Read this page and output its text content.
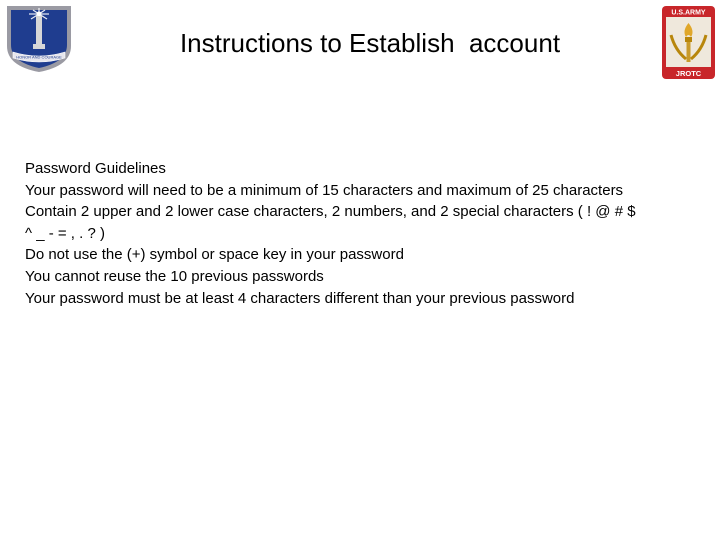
HONOR AND COURAGE	Instructions to Establish  account
U.S.ARMY
JROTC
Password Guidelines
Your password will need to be a minimum of 15 characters and maximum of 25 characters
Contain 2 upper and 2 lower case characters, 2 numbers, and 2 special characters ( ! @ # $
^ _ - = , . ? )
Do not use the (+) symbol or space key in your password
You cannot reuse the 10 previous passwords
Your password must be at least 4 characters different than your previous password
